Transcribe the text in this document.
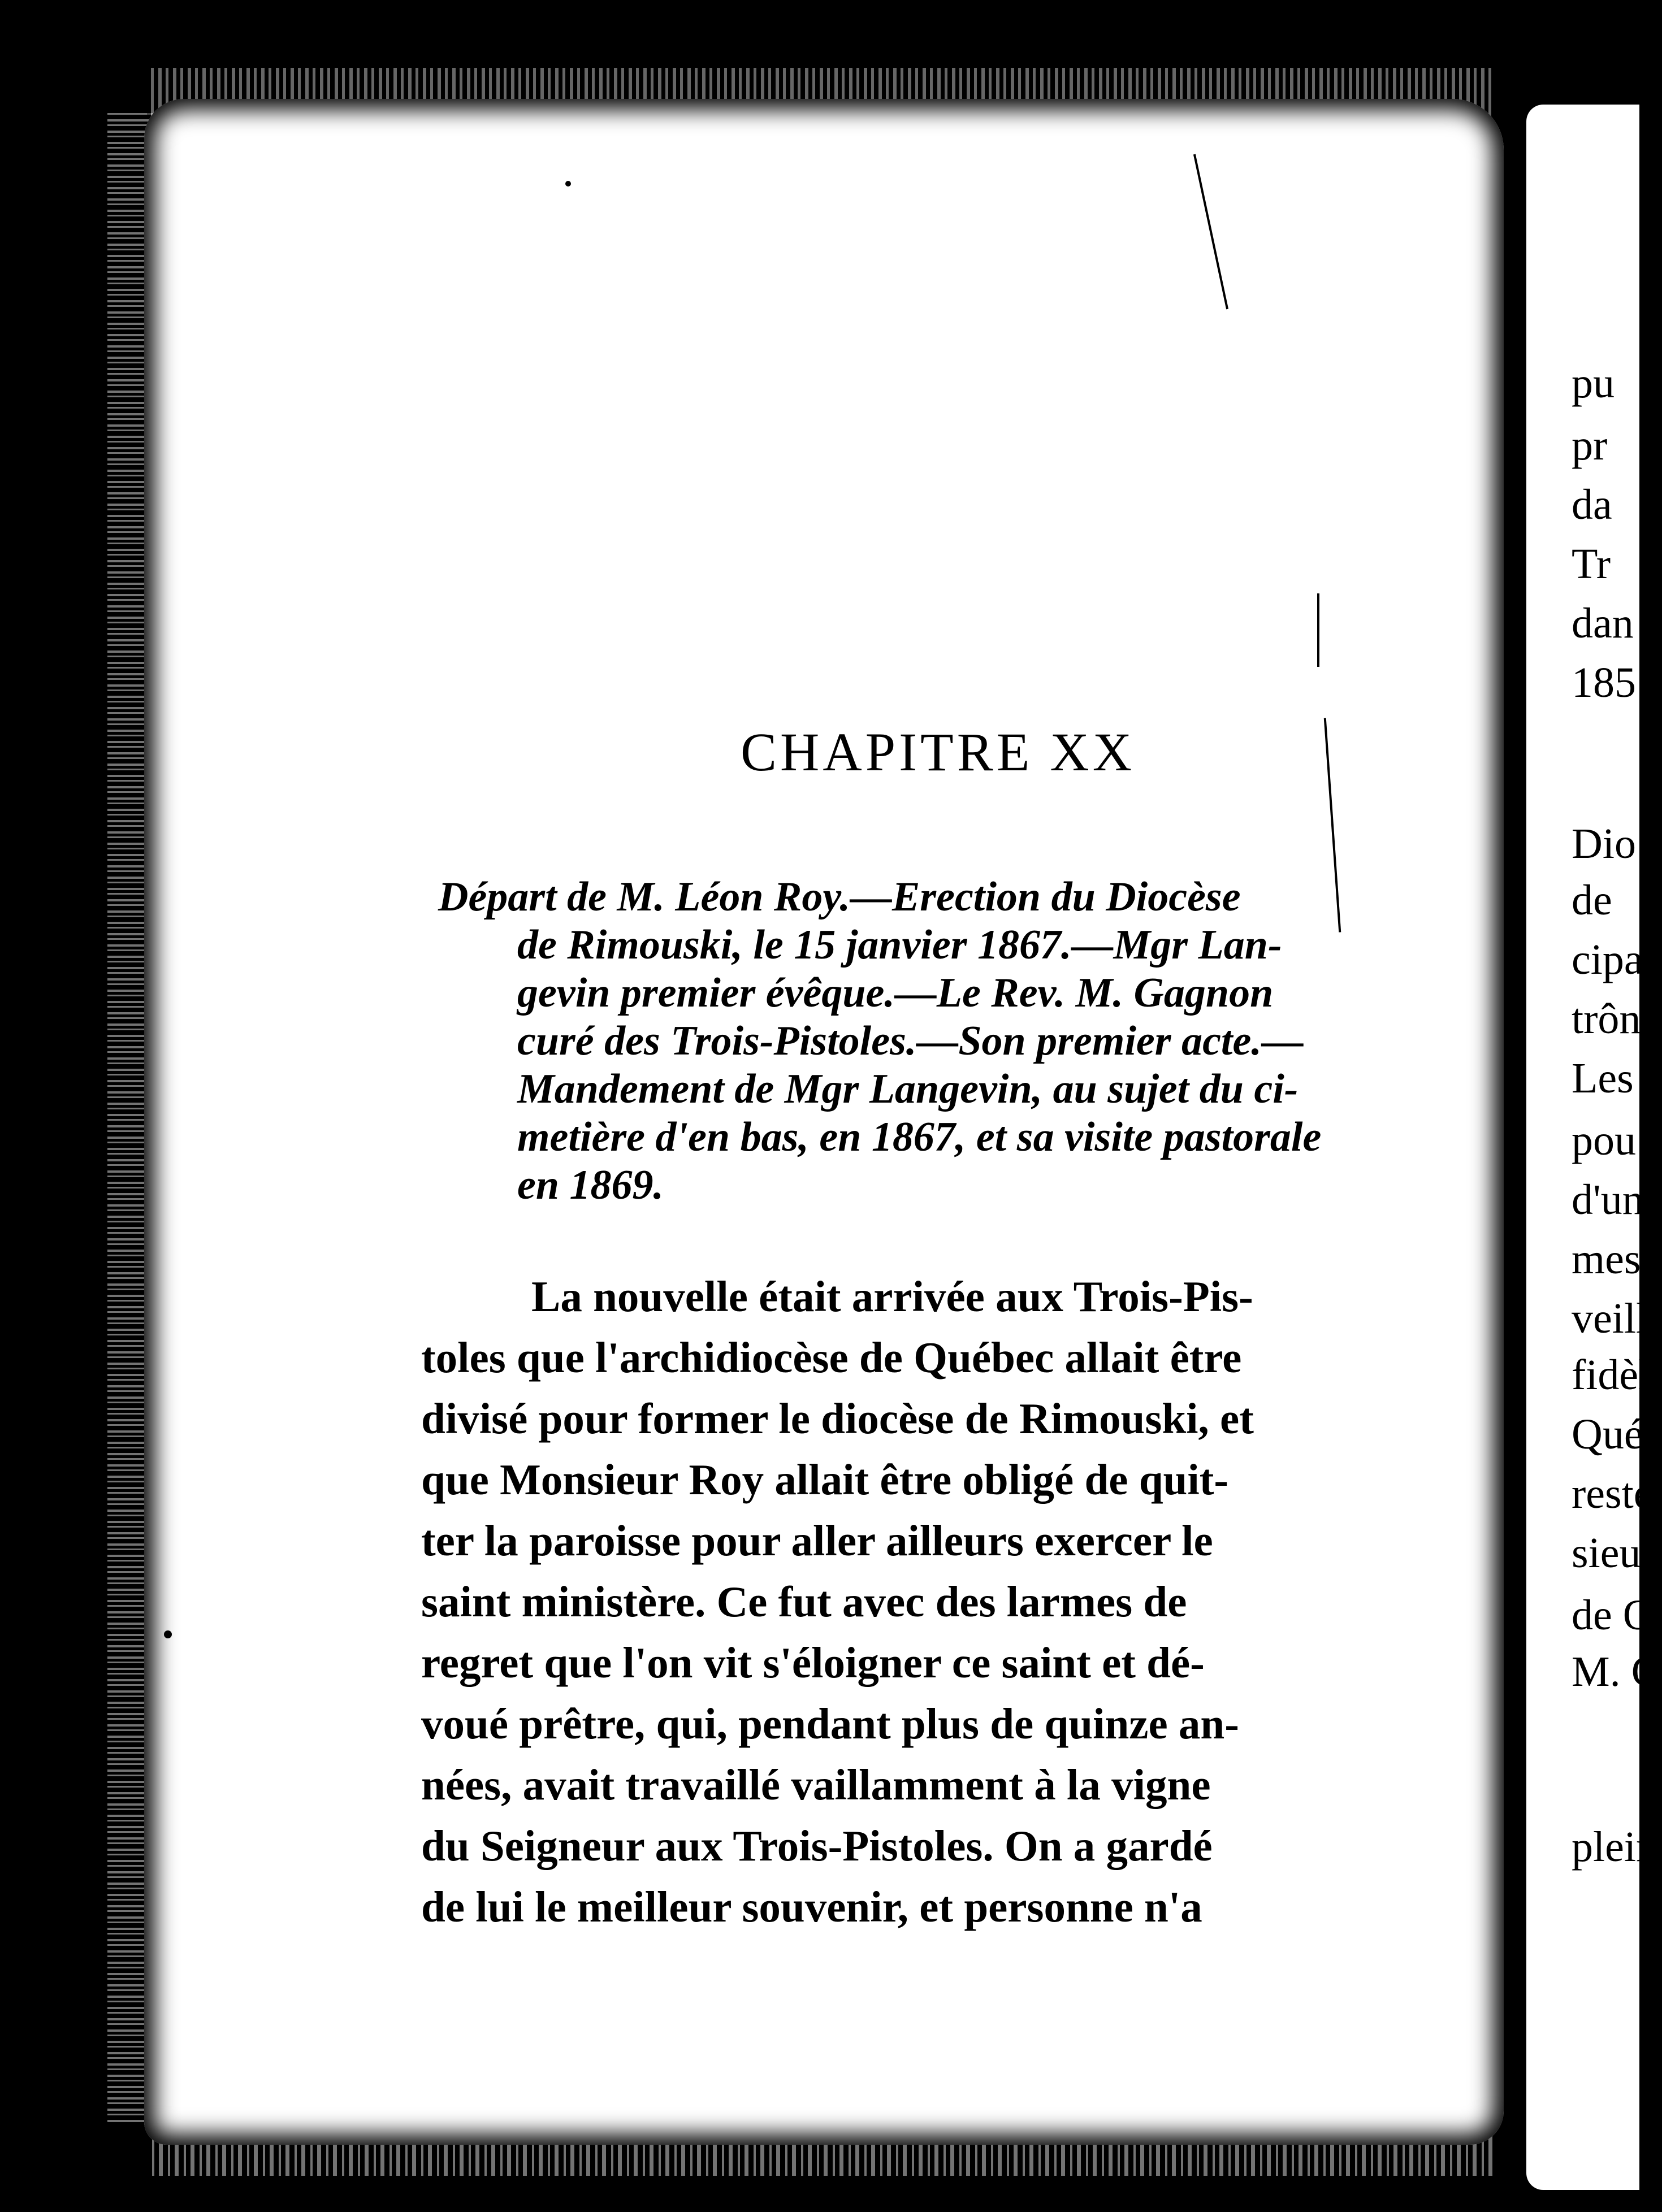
CHAPITRE XX
Départ de M. Léon Roy.—Erection du Diocèse
de Rimouski, le 15 janvier 1867.—Mgr Lan-
gevin premier évêque.—Le Rev. M. Gagnon
curé des Trois-Pistoles.—Son premier acte.—
Mandement de Mgr Langevin, au sujet du ci-
metière d'en bas, en 1867, et sa visite pastorale
en 1869.
La nouvelle était arrivée aux Trois-Pis-
toles que l'archidiocèse de Québec allait être
divisé pour former le diocèse de Rimouski, et
que Monsieur Roy allait être obligé de quit-
ter la paroisse pour aller ailleurs exercer le
saint ministère. Ce fut avec des larmes de
regret que l'on vit s'éloigner ce saint et dé-
voué prêtre, qui, pendant plus de quinze an-
nées, avait travaillé vaillamment à la vigne
du Seigneur aux Trois-Pistoles. On a gardé
de lui le meilleur souvenir, et personne n'a
pu
pr
da
Tr
dan
185
Dio
de
cipa
trôn
Les
pou
d'un
mes
veill
fidèl
Qué
resté
sieur
de Q
M. G
plein
